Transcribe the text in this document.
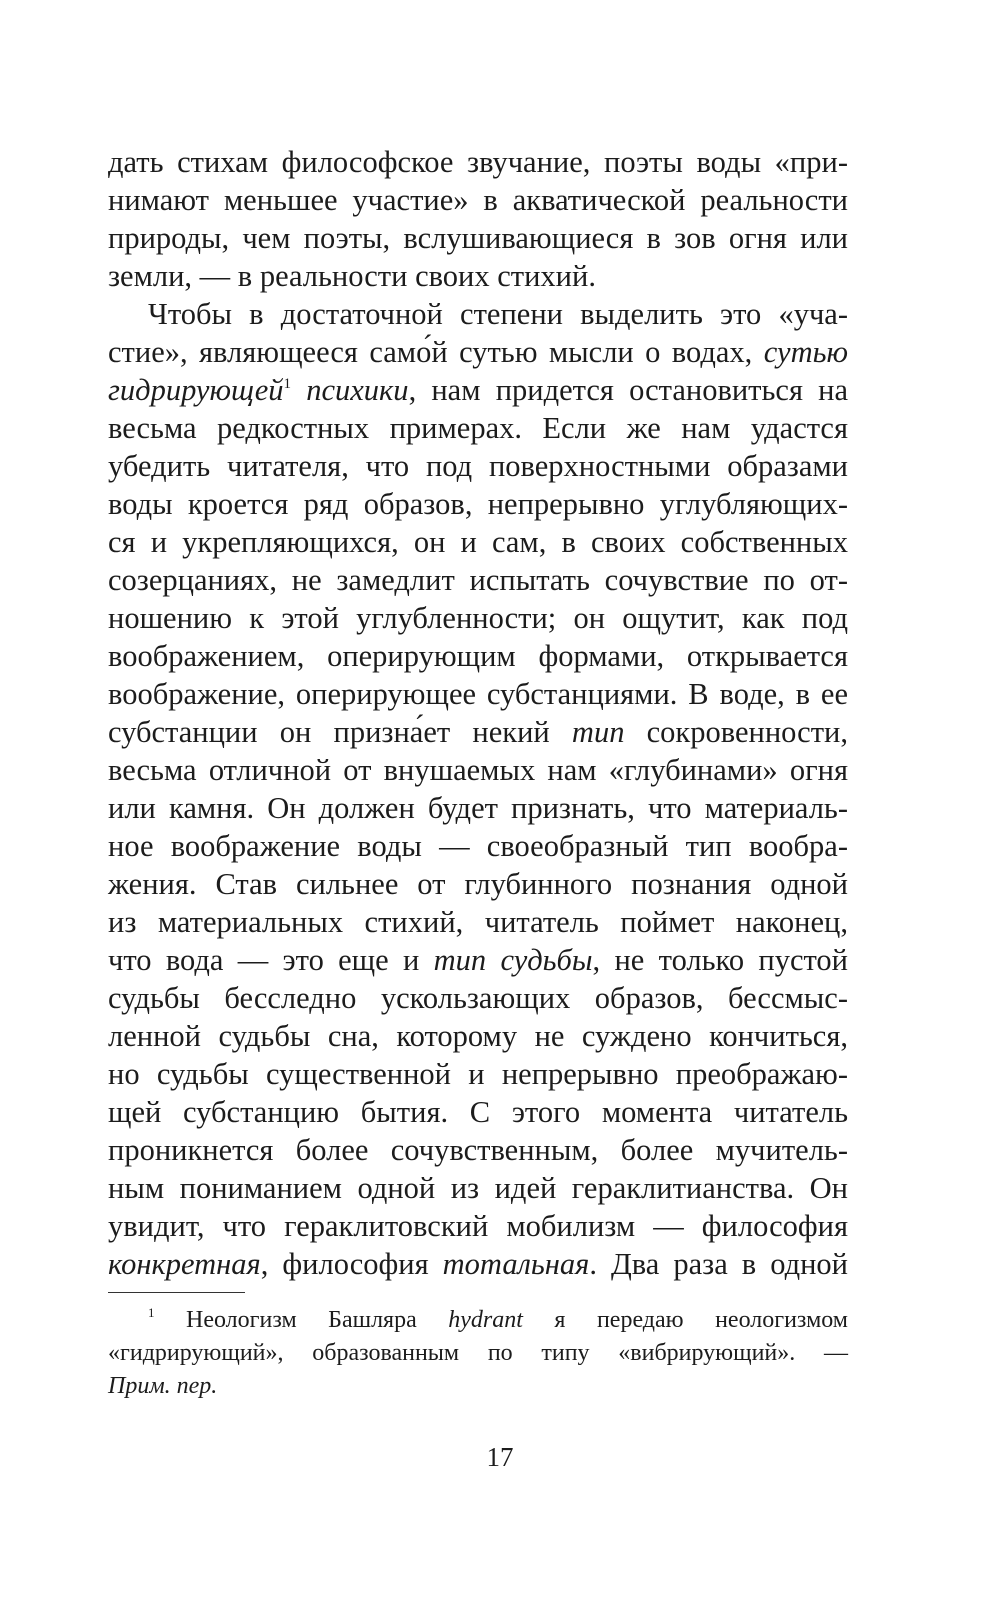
дать стихам философское звучание, поэты воды «при-
нимают меньшее участие» в акватической реальности
природы, чем поэты, вслушивающиеся в зов огня или
земли, — в реальности своих стихий.
Чтобы в достаточной степени выделить это «уча-
стие», являющееся само́й сутью мысли о водах, сутью
гидрирующей$^1$ психики, нам придется остановиться на
весьма редкостных примерах. Если же нам удастся
убедить читателя, что под поверхностными образами
воды кроется ряд образов, непрерывно углубляющих-
ся и укрепляющихся, он и сам, в своих собственных
созерцаниях, не замедлит испытать сочувствие по от-
ношению к этой углубленности; он ощутит, как под
воображением, оперирующим формами, открывается
воображение, оперирующее субстанциями. В воде, в ее
субстанции он призна́ет некий тип сокровенности,
весьма отличной от внушаемых нам «глубинами» огня
или камня. Он должен будет признать, что материаль-
ное воображение воды — своеобразный тип вообра-
жения. Став сильнее от глубинного познания одной
из материальных стихий, читатель поймет наконец,
что вода — это еще и тип судьбы, не только пустой
судьбы бесследно ускользающих образов, бессмыс-
ленной судьбы сна, которому не суждено кончиться,
но судьбы существенной и непрерывно преображаю-
щей субстанцию бытия. С этого момента читатель
проникнется более сочувственным, более мучитель-
ным пониманием одной из идей гераклитианства. Он
увидит, что гераклитовский мобилизм — философия
конкретная, философия тотальная. Два раза в одной
$^1$ Неологизм Башляра hydrant я передаю неологизмом
«гидрирующий», образованным по типу «вибрирующий». —
Прим. пер.
17
